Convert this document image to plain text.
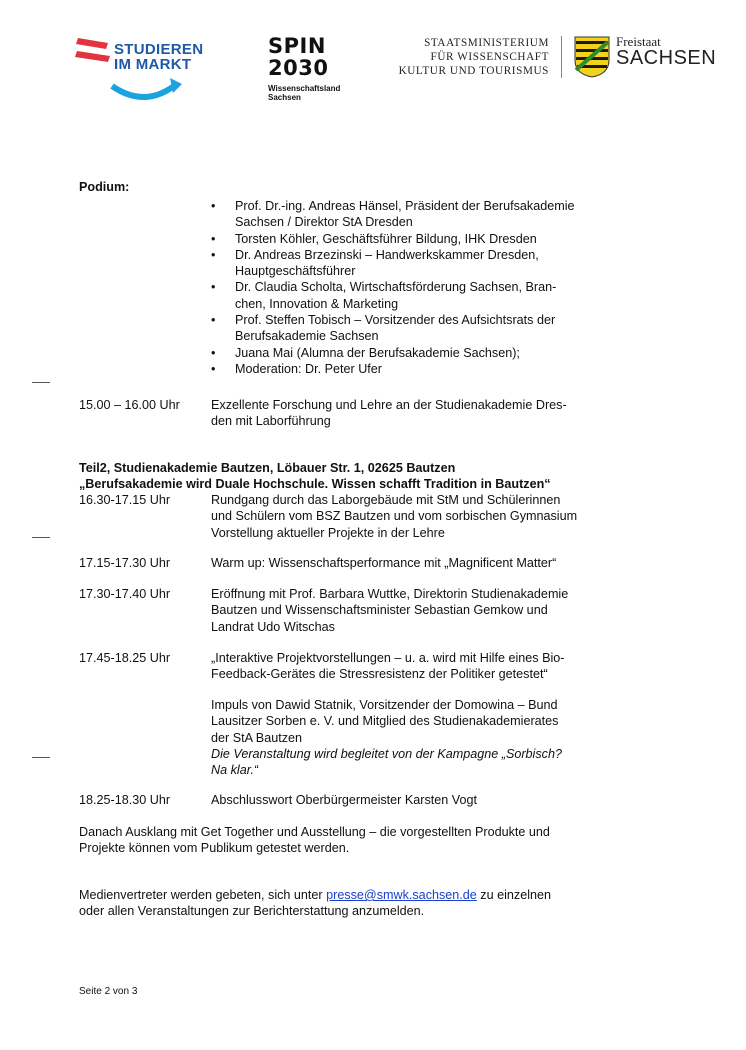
STUDIEREN
IM MARKT
SPIN
2030
Wissenschaftsland
Sachsen
STAATSMINISTERIUM
FÜR WISSENSCHAFT
KULTUR UND TOURISMUS
Freistaat
SACHSEN
Podium:
• Prof. Dr.-ing. Andreas Hänsel, Präsident der Berufsakademie
Sachsen / Direktor StA Dresden
• Torsten Köhler, Geschäftsführer Bildung, IHK Dresden
• Dr. Andreas Brzezinski – Handwerkskammer Dresden,
Hauptgeschäftsführer
• Dr. Claudia Scholta, Wirtschaftsförderung Sachsen, Bran-
chen, Innovation & Marketing
• Prof. Steffen Tobisch – Vorsitzender des Aufsichtsrats der
Berufsakademie Sachsen
• Juana Mai (Alumna der Berufsakademie Sachsen);
• Moderation: Dr. Peter Ufer
15.00 – 16.00 Uhr	Exzellente Forschung und Lehre an der Studienakademie Dres-
den mit Laborführung
Teil2, Studienakademie Bautzen, Löbauer Str. 1, 02625 Bautzen
„Berufsakademie wird Duale Hochschule. Wissen schafft Tradition in Bautzen“
16.30-17.15 Uhr	Rundgang durch das Laborgebäude mit StM und Schülerinnen
und Schülern vom BSZ Bautzen und vom sorbischen Gymnasium
Vorstellung aktueller Projekte in der Lehre
17.15-17.30 Uhr	Warm up: Wissenschaftsperformance mit „Magnificent Matter“
17.30-17.40 Uhr	Eröffnung mit Prof. Barbara Wuttke, Direktorin Studienakademie
Bautzen und Wissenschaftsminister Sebastian Gemkow und
Landrat Udo Witschas
17.45-18.25 Uhr	„Interaktive Projektvorstellungen – u. a. wird mit Hilfe eines Bio-
Feedback-Gerätes die Stressresistenz der Politiker getestet“
Impuls von Dawid Statnik, Vorsitzender der Domowina – Bund
Lausitzer Sorben e. V. und Mitglied des Studienakademierates
der StA Bautzen
Die Veranstaltung wird begleitet von der Kampagne „Sorbisch?
Na klar.“
18.25-18.30 Uhr	Abschlusswort Oberbürgermeister Karsten Vogt
Danach Ausklang mit Get Together und Ausstellung – die vorgestellten Produkte und
Projekte können vom Publikum getestet werden.
Medienvertreter werden gebeten, sich unter presse@smwk.sachsen.de zu einzelnen
oder allen Veranstaltungen zur Berichterstattung anzumelden.
Seite 2 von 3
